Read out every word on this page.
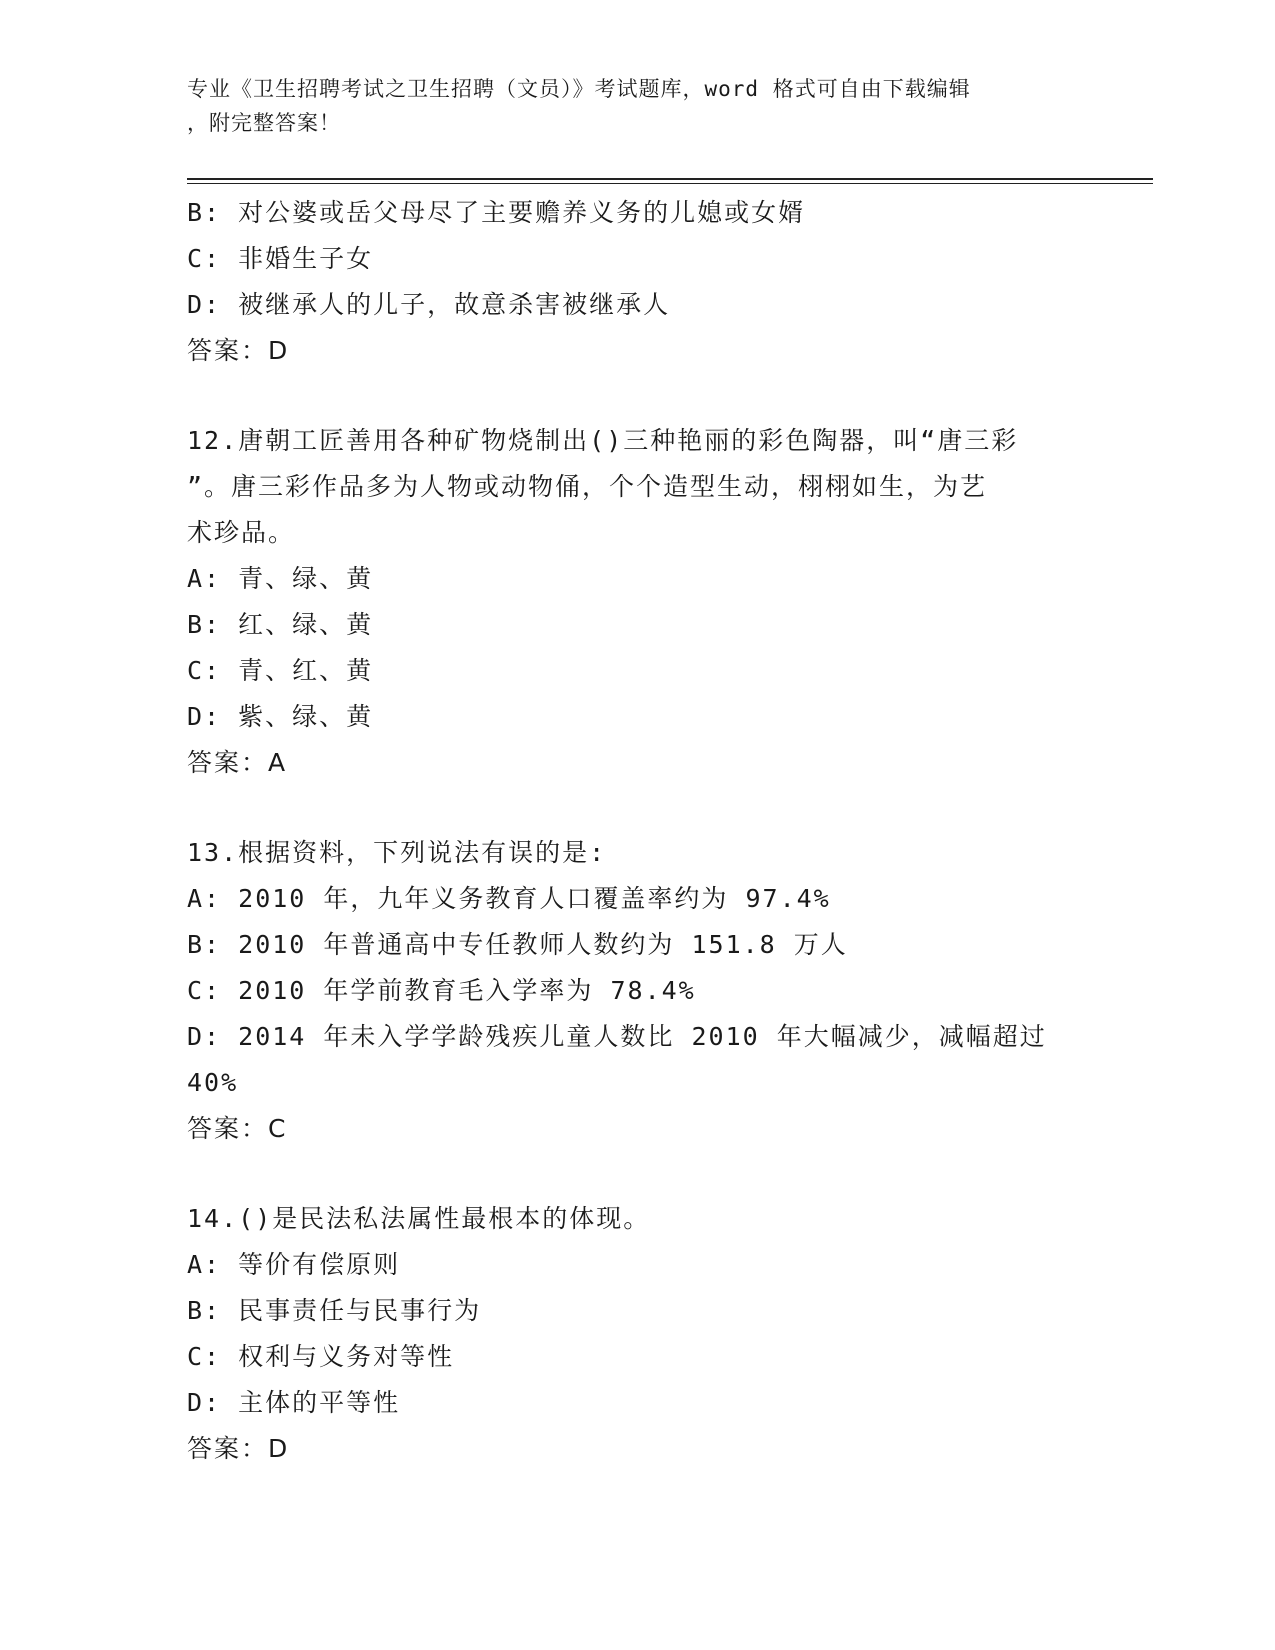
专业《卫生招聘考试之卫生招聘（文员）》考试题库，word 格式可自由下载编辑
，附完整答案！
B: 对公婆或岳父母尽了主要赡养义务的儿媳或女婿
C: 非婚生子女
D: 被继承人的儿子，故意杀害被继承人
答案：D
12.唐朝工匠善用各种矿物烧制出()三种艳丽的彩色陶器，叫“唐三彩
”。唐三彩作品多为人物或动物俑，个个造型生动，栩栩如生，为艺
术珍品。
A: 青、绿、黄
B: 红、绿、黄
C: 青、红、黄
D: 紫、绿、黄
答案：A
13.根据资料，下列说法有误的是:
A: 2010 年，九年义务教育人口覆盖率约为 97.4%
B: 2010 年普通高中专任教师人数约为 151.8 万人
C: 2010 年学前教育毛入学率为 78.4%
D: 2014 年未入学学龄残疾儿童人数比 2010 年大幅减少，减幅超过
40%
答案：C
14.()是民法私法属性最根本的体现。
A: 等价有偿原则
B: 民事责任与民事行为
C: 权利与义务对等性
D: 主体的平等性
答案：D
